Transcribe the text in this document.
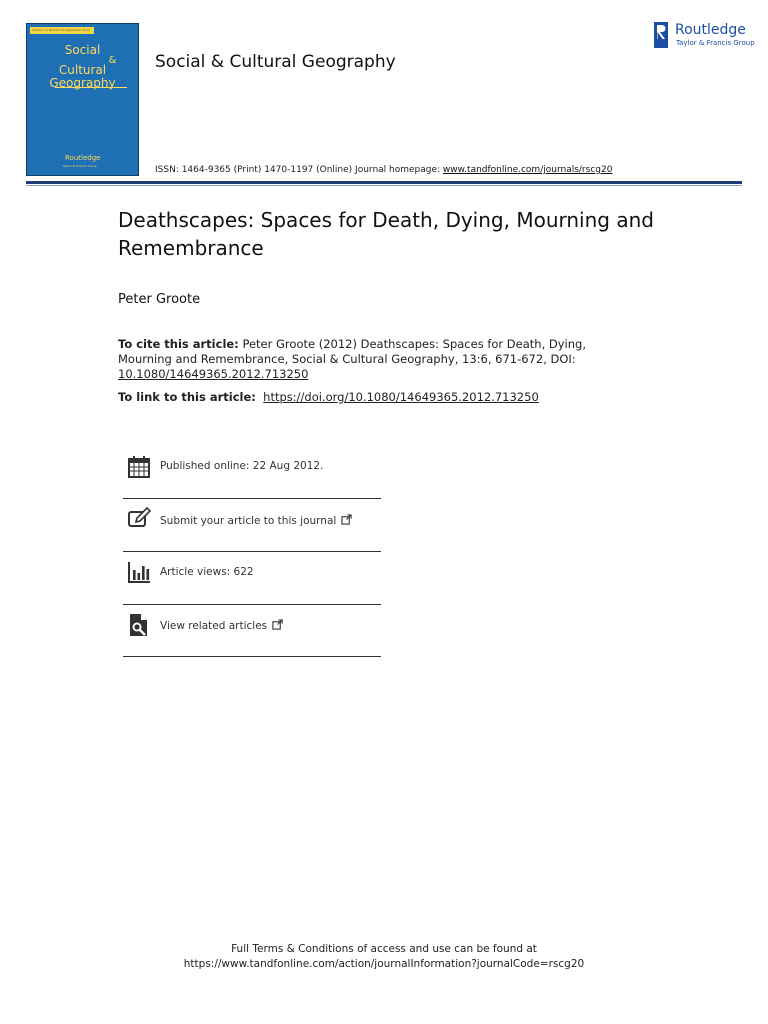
Volume 13 Number 6 September 2012
Social
&
Cultural
Geography
Routledge
Taylor & Francis Group
Social & Cultural Geography
ISSN: 1464-9365 (Print) 1470-1197 (Online) Journal homepage: www.tandfonline.com/journals/rscg20
Routledge
Taylor & Francis Group
Deathscapes: Spaces for Death, Dying, Mourning and Remembrance
Peter Groote
To cite this article: Peter Groote (2012) Deathscapes: Spaces for Death, Dying, Mourning and Remembrance, Social & Cultural Geography, 13:6, 671-672, DOI: 10.1080/14649365.2012.713250
To link to this article: https://doi.org/10.1080/14649365.2012.713250
Published online: 22 Aug 2012.
Submit your article to this journal
Article views: 622
View related articles
Full Terms & Conditions of access and use can be found at
https://www.tandfonline.com/action/journalInformation?journalCode=rscg20
